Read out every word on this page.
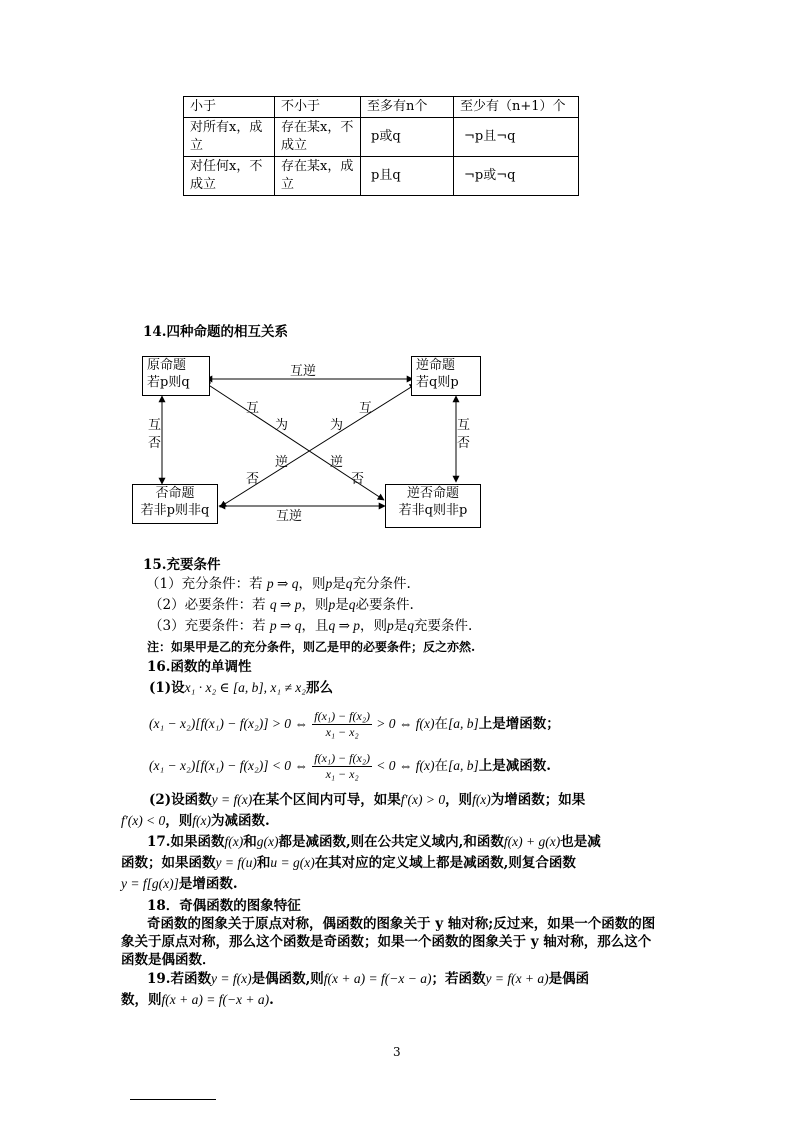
小于	不小于	至多有n个	至少有（n+1）个
对所有x，成立	存在某x，不成立	p或q	¬p且¬q
对任何x，不成立	存在某x，成立	p且q	¬p或¬q
14.四种命题的相互关系
原命题
若p则q
逆命题
若q则p
否命题
若非p则非q
逆否命题
若非q则非p
互逆
互逆
互
否
互
否
互
为
逆
否
互
为
逆
否
15.充要条件
（1）充分条件：若 p ⇒ q，则p是q充分条件.
（2）必要条件：若 q ⇒ p，则p是q必要条件.
（3）充要条件：若 p ⇒ q，且q ⇒ p，则p是q充要条件.
注：如果甲是乙的充分条件，则乙是甲的必要条件；反之亦然.
16.函数的单调性
(1)设x₁ · x₂ ∈ [a, b], x₁ ≠ x₂那么
(x₁ − x₂)[f(x₁) − f(x₂)] > 0 ⇔ $\frac{\text{f(x₁) − f(x₂)}}{\text{x₁ − x₂}} > 0$ ⇔ f(x)在[a, b]上是增函数；
(x₁ − x₂)[f(x₁) − f(x₂)] < 0 ⇔ $\frac{\text{f(x₁) − f(x₂)}}{\text{x₁ − x₂}} < 0$ ⇔ f(x)在[a, b]上是减函数.
(2)设函数y = f(x)在某个区间内可导，如果f′(x) > 0，则f(x)为增函数；如果
f′(x) < 0，则f(x)为减函数.
17.如果函数f(x)和g(x)都是减函数,则在公共定义域内,和函数f(x) + g(x)也是减
函数；如果函数y = f(u)和u = g(x)在其对应的定义域上都是减函数,则复合函数
y = f[g(x)]是增函数.
18．奇偶函数的图象特征
奇函数的图象关于原点对称，偶函数的图象关于 y 轴对称;反过来，如果一个函数的图
象关于原点对称，那么这个函数是奇函数；如果一个函数的图象关于 y 轴对称，那么这个
函数是偶函数．
19.若函数y = f(x)是偶函数,则f(x + a) = f(−x − a)；若函数y = f(x + a)是偶函
数，则f(x + a) = f(−x + a).
3
